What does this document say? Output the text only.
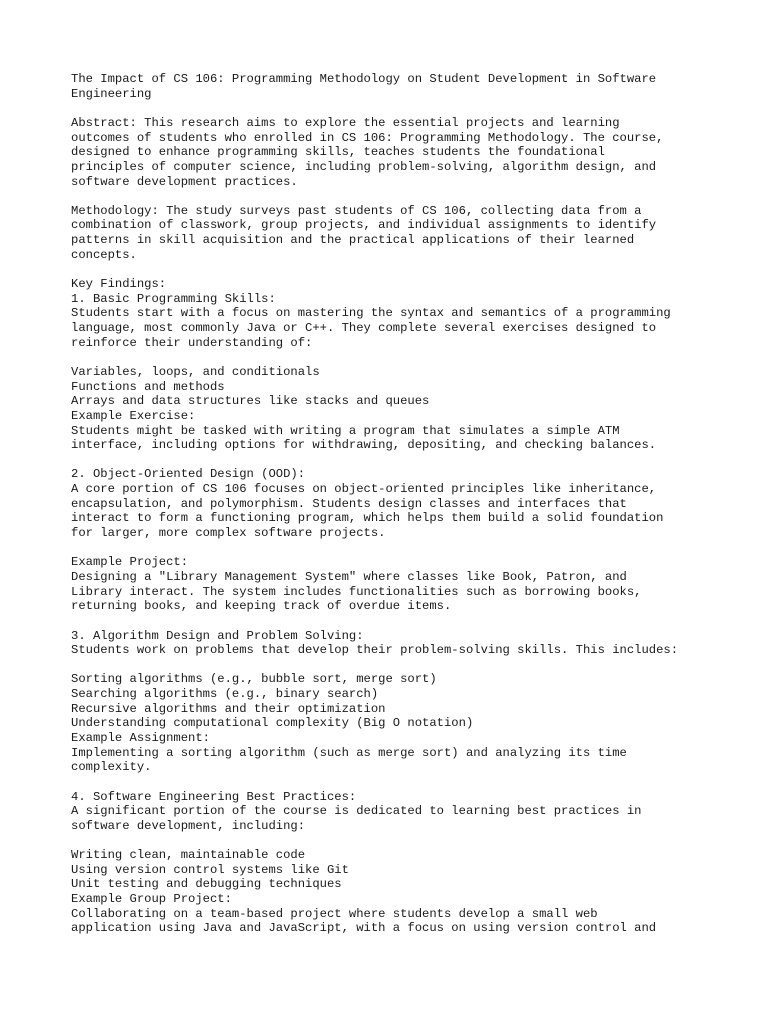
The Impact of CS 106: Programming Methodology on Student Development in Software
Engineering
Abstract: This research aims to explore the essential projects and learning
outcomes of students who enrolled in CS 106: Programming Methodology. The course,
designed to enhance programming skills, teaches students the foundational
principles of computer science, including problem-solving, algorithm design, and
software development practices.
Methodology: The study surveys past students of CS 106, collecting data from a
combination of classwork, group projects, and individual assignments to identify
patterns in skill acquisition and the practical applications of their learned
concepts.
Key Findings:
1. Basic Programming Skills:
Students start with a focus on mastering the syntax and semantics of a programming
language, most commonly Java or C++. They complete several exercises designed to
reinforce their understanding of:
Variables, loops, and conditionals
Functions and methods
Arrays and data structures like stacks and queues
Example Exercise:
Students might be tasked with writing a program that simulates a simple ATM
interface, including options for withdrawing, depositing, and checking balances.
2. Object-Oriented Design (OOD):
A core portion of CS 106 focuses on object-oriented principles like inheritance,
encapsulation, and polymorphism. Students design classes and interfaces that
interact to form a functioning program, which helps them build a solid foundation
for larger, more complex software projects.
Example Project:
Designing a "Library Management System" where classes like Book, Patron, and
Library interact. The system includes functionalities such as borrowing books,
returning books, and keeping track of overdue items.
3. Algorithm Design and Problem Solving:
Students work on problems that develop their problem-solving skills. This includes:
Sorting algorithms (e.g., bubble sort, merge sort)
Searching algorithms (e.g., binary search)
Recursive algorithms and their optimization
Understanding computational complexity (Big O notation)
Example Assignment:
Implementing a sorting algorithm (such as merge sort) and analyzing its time
complexity.
4. Software Engineering Best Practices:
A significant portion of the course is dedicated to learning best practices in
software development, including:
Writing clean, maintainable code
Using version control systems like Git
Unit testing and debugging techniques
Example Group Project:
Collaborating on a team-based project where students develop a small web
application using Java and JavaScript, with a focus on using version control and
